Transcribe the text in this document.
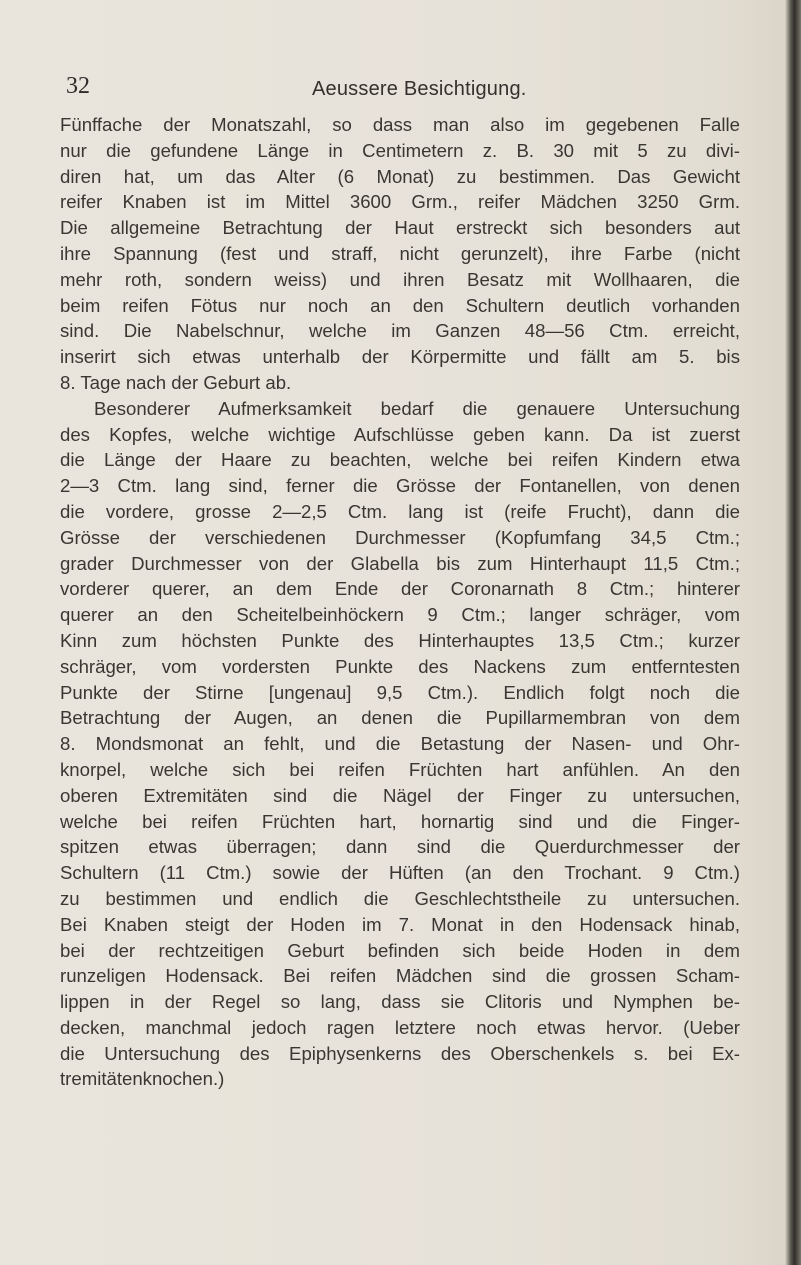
32	Aeussere Besichtigung.
Fünffache der Monatszahl, so dass man also im gegebenen Falle
nur die gefundene Länge in Centimetern z. B. 30 mit 5 zu divi-
diren hat, um das Alter (6 Monat) zu bestimmen. Das Gewicht
reifer Knaben ist im Mittel 3600 Grm., reifer Mädchen 3250 Grm.
Die allgemeine Betrachtung der Haut erstreckt sich besonders aut
ihre Spannung (fest und straff, nicht gerunzelt), ihre Farbe (nicht
mehr roth, sondern weiss) und ihren Besatz mit Wollhaaren, die
beim reifen Fötus nur noch an den Schultern deutlich vorhanden
sind. Die Nabelschnur, welche im Ganzen 48—56 Ctm. erreicht,
inserirt sich etwas unterhalb der Körpermitte und fällt am 5. bis
8. Tage nach der Geburt ab.
Besonderer Aufmerksamkeit bedarf die genauere Untersuchung
des Kopfes, welche wichtige Aufschlüsse geben kann. Da ist zuerst
die Länge der Haare zu beachten, welche bei reifen Kindern etwa
2—3 Ctm. lang sind, ferner die Grösse der Fontanellen, von denen
die vordere, grosse 2—2,5 Ctm. lang ist (reife Frucht), dann die
Grösse der verschiedenen Durchmesser (Kopfumfang 34,5 Ctm.;
grader Durchmesser von der Glabella bis zum Hinterhaupt 11,5 Ctm.;
vorderer querer, an dem Ende der Coronarnath 8 Ctm.; hinterer
querer an den Scheitelbeinhöckern 9 Ctm.; langer schräger, vom
Kinn zum höchsten Punkte des Hinterhauptes 13,5 Ctm.; kurzer
schräger, vom vordersten Punkte des Nackens zum entferntesten
Punkte der Stirne [ungenau] 9,5 Ctm.). Endlich folgt noch die
Betrachtung der Augen, an denen die Pupillarmembran von dem
8. Mondsmonat an fehlt, und die Betastung der Nasen- und Ohr-
knorpel, welche sich bei reifen Früchten hart anfühlen. An den
oberen Extremitäten sind die Nägel der Finger zu untersuchen,
welche bei reifen Früchten hart, hornartig sind und die Finger-
spitzen etwas überragen; dann sind die Querdurchmesser der
Schultern (11 Ctm.) sowie der Hüften (an den Trochant. 9 Ctm.)
zu bestimmen und endlich die Geschlechtstheile zu untersuchen.
Bei Knaben steigt der Hoden im 7. Monat in den Hodensack hinab,
bei der rechtzeitigen Geburt befinden sich beide Hoden in dem
runzeligen Hodensack. Bei reifen Mädchen sind die grossen Scham-
lippen in der Regel so lang, dass sie Clitoris und Nymphen be-
decken, manchmal jedoch ragen letztere noch etwas hervor. (Ueber
die Untersuchung des Epiphysenkerns des Oberschenkels s. bei Ex-
tremitätenknochen.)
